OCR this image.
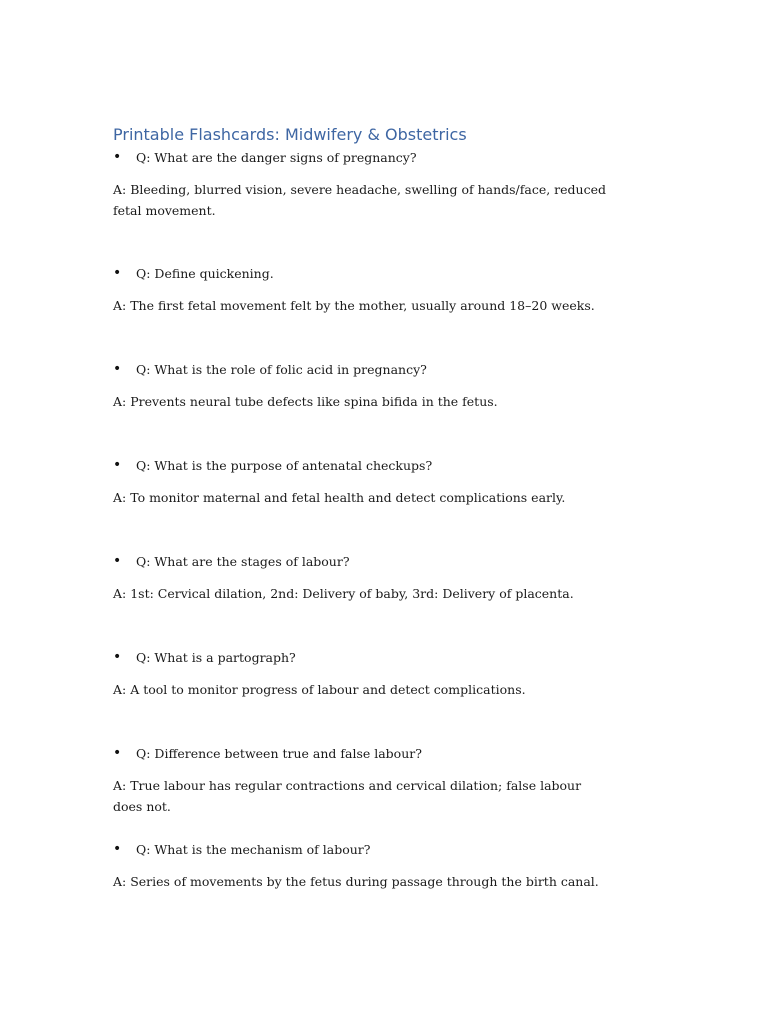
Printable Flashcards: Midwifery & Obstetrics
• Q: What are the danger signs of pregnancy?

A: Bleeding, blurred vision, severe headache, swelling of hands/face, reduced fetal movement.

• Q: Define quickening.

A: The first fetal movement felt by the mother, usually around 18–20 weeks.

• Q: What is the role of folic acid in pregnancy?

A: Prevents neural tube defects like spina bifida in the fetus.

• Q: What is the purpose of antenatal checkups?

A: To monitor maternal and fetal health and detect complications early.

• Q: What are the stages of labour?

A: 1st: Cervical dilation, 2nd: Delivery of baby, 3rd: Delivery of placenta.

• Q: What is a partograph?

A: A tool to monitor progress of labour and detect complications.

• Q: Difference between true and false labour?

A: True labour has regular contractions and cervical dilation; false labour does not.

• Q: What is the mechanism of labour?

A: Series of movements by the fetus during passage through the birth canal.
